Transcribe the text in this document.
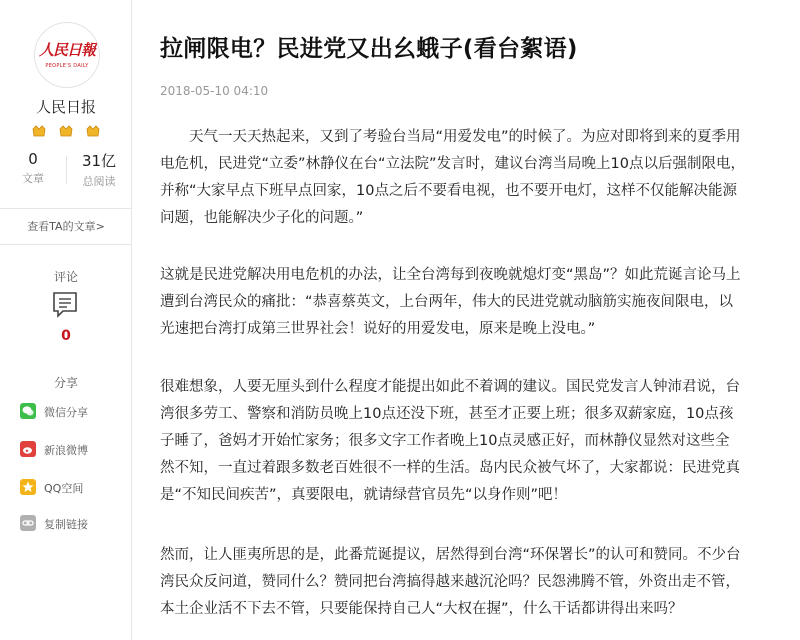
人民日報
PEOPLE'S DAILY
人民日报

0
文章
31亿
总阅读
查看TA的文章>
评论
0
分享
微信分享
新浪微博
QQ空间
复制链接
拉闸限电？民进党又出幺蛾子(看台絮语)
2018-05-10 04:10
　　天气一天天热起来，又到了考验台当局“用爱发电”的时候了。为应对即将到来的夏季用
电危机，民进党“立委”林静仪在台“立法院”发言时，建议台湾当局晚上10点以后强制限电，
并称“大家早点下班早点回家，10点之后不要看电视，也不要开电灯，这样不仅能解决能源
问题，也能解决少子化的问题。”
这就是民进党解决用电危机的办法，让全台湾每到夜晚就熄灯变“黑岛”？如此荒诞言论马上
遭到台湾民众的痛批：“恭喜蔡英文，上台两年，伟大的民进党就动脑筋实施夜间限电，以
光速把台湾打成第三世界社会！说好的用爱发电，原来是晚上没电。”
很难想象，人要无厘头到什么程度才能提出如此不着调的建议。国民党发言人钟沛君说，台
湾很多劳工、警察和消防员晚上10点还没下班，甚至才正要上班；很多双薪家庭，10点孩
子睡了，爸妈才开始忙家务；很多文字工作者晚上10点灵感正好，而林静仪显然对这些全
然不知，一直过着跟多数老百姓很不一样的生活。岛内民众被气坏了，大家都说：民进党真
是“不知民间疾苦”，真要限电，就请绿营官员先“以身作则”吧！
然而，让人匪夷所思的是，此番荒诞提议，居然得到台湾“环保署长”的认可和赞同。不少台
湾民众反问道，赞同什么？赞同把台湾搞得越来越沉沦吗？民怨沸腾不管，外资出走不管，
本土企业活不下去不管，只要能保持自己人“大权在握”，什么干话都讲得出来吗？
